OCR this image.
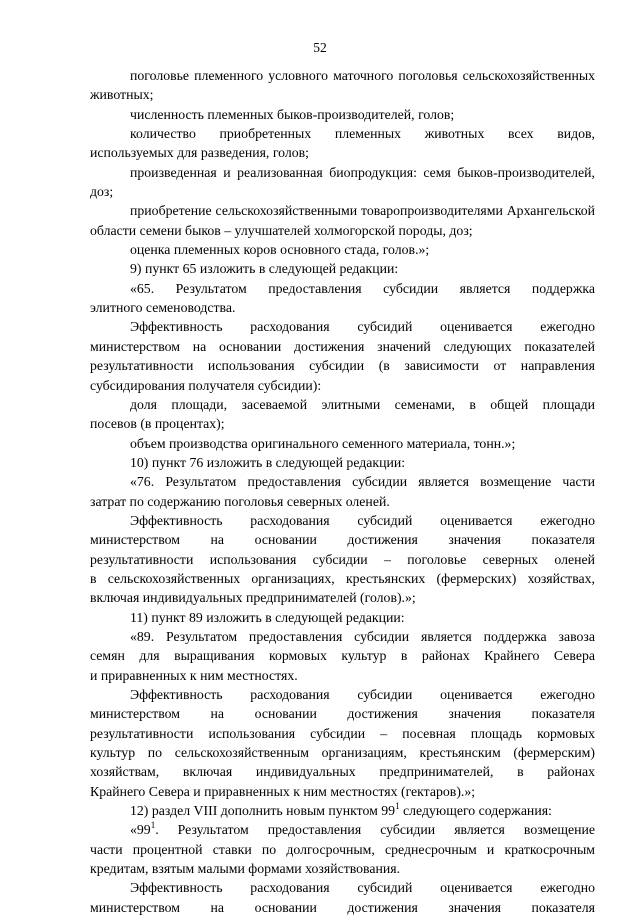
52
поголовье племенного условного маточного поголовья сельскохозяйственных
животных;
численность племенных быков-производителей, голов;
количество приобретенных племенных животных всех видов,
используемых для разведения, голов;
произведенная и реализованная биопродукция: семя быков-производителей,
доз;
приобретение сельскохозяйственными товаропроизводителями Архангельской
области семени быков – улучшателей холмогорской породы, доз;
оценка племенных коров основного стада, голов.»;
9) пункт 65 изложить в следующей редакции:
«65. Результатом предоставления субсидии является поддержка
элитного семеноводства.
Эффективность расходования субсидий оценивается ежегодно
министерством на основании достижения значений следующих показателей
результативности использования субсидии (в зависимости от направления
субсидирования получателя субсидии):
доля площади, засеваемой элитными семенами, в общей площади
посевов (в процентах);
объем производства оригинального семенного материала, тонн.»;
10) пункт 76 изложить в следующей редакции:
«76. Результатом предоставления субсидии является возмещение части
затрат по содержанию поголовья северных оленей.
Эффективность расходования субсидий оценивается ежегодно
министерством на основании достижения значения показателя
результативности использования субсидии – поголовье северных оленей
в сельскохозяйственных организациях, крестьянских (фермерских) хозяйствах,
включая индивидуальных предпринимателей (голов).»;
11) пункт 89 изложить в следующей редакции:
«89. Результатом предоставления субсидии является поддержка завоза
семян для выращивания кормовых культур в районах Крайнего Севера
и приравненных к ним местностях.
Эффективность расходования субсидии оценивается ежегодно
министерством на основании достижения значения показателя
результативности использования субсидии – посевная площадь кормовых
культур по сельскохозяйственным организациям, крестьянским (фермерским)
хозяйствам, включая индивидуальных предпринимателей, в районах
Крайнего Севера и приравненных к ним местностях (гектаров).»;
12) раздел VIII дополнить новым пунктом $99^1$ следующего содержания:
«$99^1$. Результатом предоставления субсидии является возмещение
части процентной ставки по долгосрочным, среднесрочным и краткосрочным
кредитам, взятым малыми формами хозяйствования.
Эффективность расходования субсидий оценивается ежегодно
министерством на основании достижения значения показателя
